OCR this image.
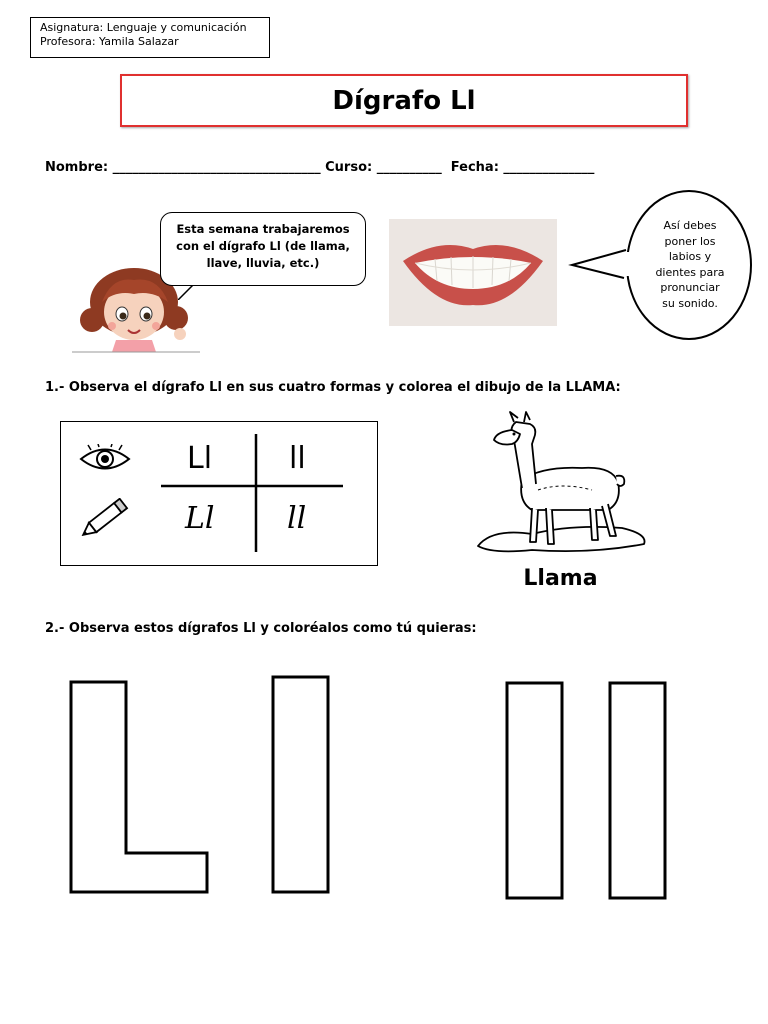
Asignatura: Lenguaje y comunicación
Profesora: Yamila Salazar
Dígrafo Ll
Nombre: ________________________________ Curso: __________  Fecha: ______________
Esta semana trabajaremos
con el dígrafo Ll (de llama,
llave, lluvia, etc.)
Así debes
poner los
labios y
dientes para
pronunciar
su sonido.
1.- Observa el dígrafo Ll en sus cuatro formas y colorea el dibujo de la LLAMA:
Ll	ll
Ll ll
Llama
2.- Observa estos dígrafos Ll y coloréalos como tú quieras:
